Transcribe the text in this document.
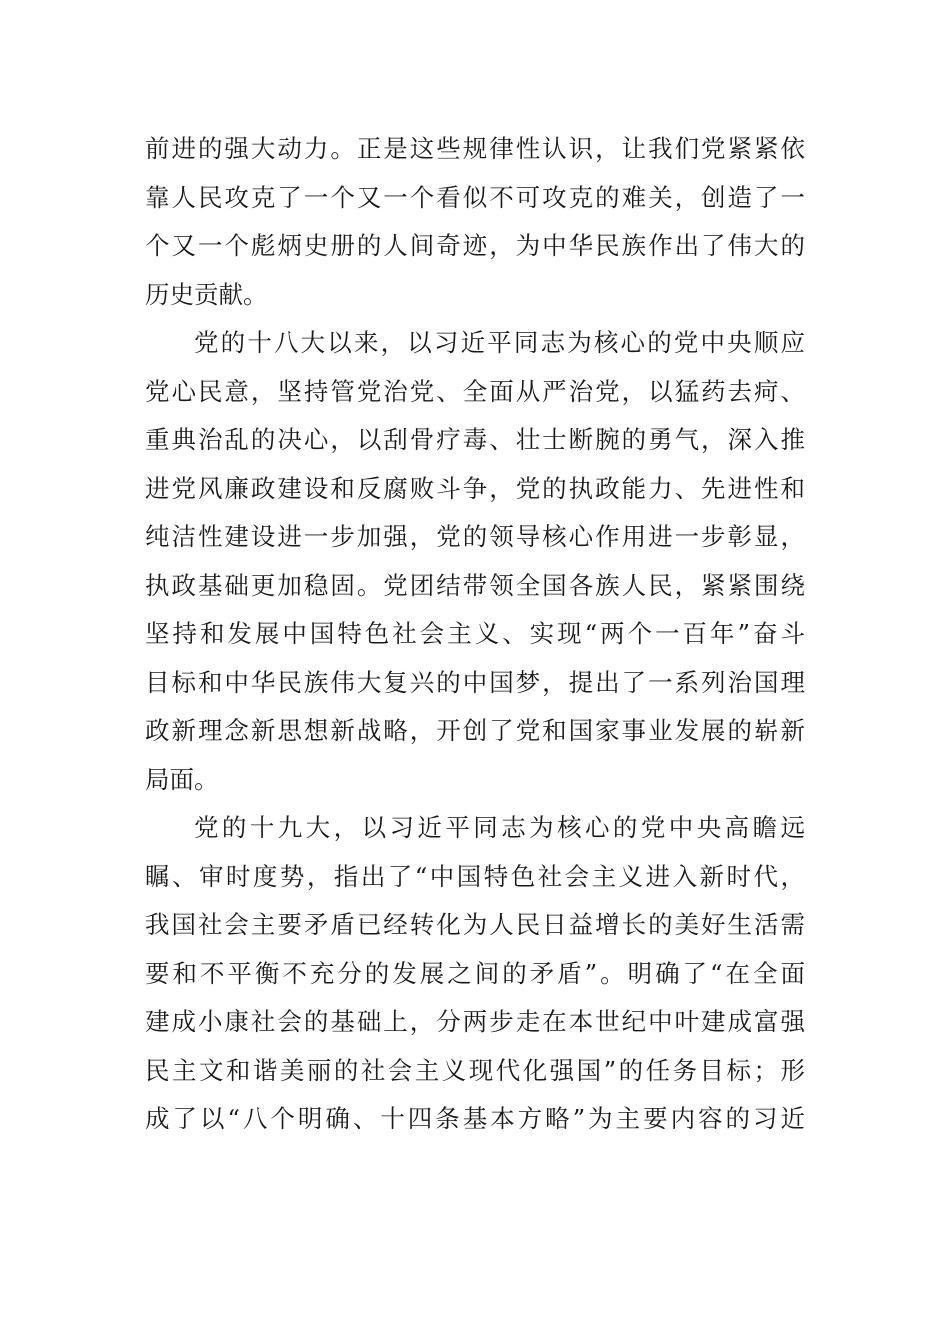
前进的强大动力。正是这些规律性认识，让我们党紧紧依
靠人民攻克了一个又一个看似不可攻克的难关，创造了一
个又一个彪炳史册的人间奇迹，为中华民族作出了伟大的
历史贡献。
党的十八大以来，以习近平同志为核心的党中央顺应
党心民意，坚持管党治党、全面从严治党，以猛药去疴、
重典治乱的决心，以刮骨疗毒、壮士断腕的勇气，深入推
进党风廉政建设和反腐败斗争，党的执政能力、先进性和
纯洁性建设进一步加强，党的领导核心作用进一步彰显，
执政基础更加稳固。党团结带领全国各族人民，紧紧围绕
坚持和发展中国特色社会主义、实现“两个一百年”奋斗
目标和中华民族伟大复兴的中国梦，提出了一系列治国理
政新理念新思想新战略，开创了党和国家事业发展的崭新
局面。
党的十九大，以习近平同志为核心的党中央高瞻远
瞩、审时度势，指出了“中国特色社会主义进入新时代，
我国社会主要矛盾已经转化为人民日益增长的美好生活需
要和不平衡不充分的发展之间的矛盾”。明确了“在全面
建成小康社会的基础上，分两步走在本世纪中叶建成富强
民主文和谐美丽的社会主义现代化强国”的任务目标；形
成了以“八个明确、十四条基本方略”为主要内容的习近
